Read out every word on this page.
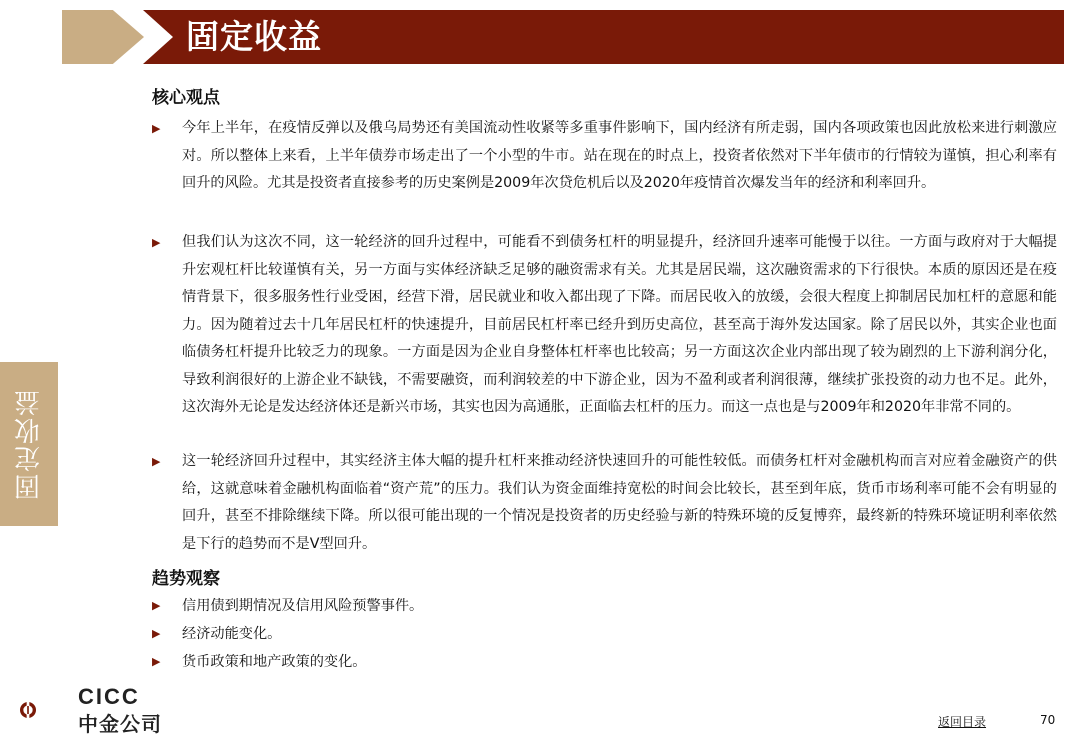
固定收益
固定收益
核心观点
▶	今年上半年，在疫情反弹以及俄乌局势还有美国流动性收紧等多重事件影响下，国内经济有所走弱，国内各项政策也因此放松来进行刺激应对。所以整体上来看，上半年债券市场走出了一个小型的牛市。站在现在的时点上，投资者依然对下半年债市的行情较为谨慎，担心利率有回升的风险。尤其是投资者直接参考的历史案例是2009年次贷危机后以及2020年疫情首次爆发当年的经济和利率回升。
▶	但我们认为这次不同，这一轮经济的回升过程中，可能看不到债务杠杆的明显提升，经济回升速率可能慢于以往。一方面与政府对于大幅提升宏观杠杆比较谨慎有关，另一方面与实体经济缺乏足够的融资需求有关。尤其是居民端，这次融资需求的下行很快。本质的原因还是在疫情背景下，很多服务性行业受困，经营下滑，居民就业和收入都出现了下降。而居民收入的放缓，会很大程度上抑制居民加杠杆的意愿和能力。因为随着过去十几年居民杠杆的快速提升，目前居民杠杆率已经升到历史高位，甚至高于海外发达国家。除了居民以外，其实企业也面临债务杠杆提升比较乏力的现象。一方面是因为企业自身整体杠杆率也比较高；另一方面这次企业内部出现了较为剧烈的上下游利润分化，导致利润很好的上游企业不缺钱，不需要融资，而利润较差的中下游企业，因为不盈利或者利润很薄，继续扩张投资的动力也不足。此外，这次海外无论是发达经济体还是新兴市场，其实也因为高通胀，正面临去杠杆的压力。而这一点也是与2009年和2020年非常不同的。
▶	这一轮经济回升过程中，其实经济主体大幅的提升杠杆来推动经济快速回升的可能性较低。而债务杠杆对金融机构而言对应着金融资产的供给，这就意味着金融机构面临着“资产荒”的压力。我们认为资金面维持宽松的时间会比较长，甚至到年底，货币市场利率可能不会有明显的回升，甚至不排除继续下降。所以很可能出现的一个情况是投资者的历史经验与新的特殊环境的反复博弈，最终新的特殊环境证明利率依然是下行的趋势而不是V型回升。
趋势观察
▶	信用债到期情况及信用风险预警事件。
▶	经济动能变化。
▶	货币政策和地产政策的变化。
CICC
中金公司	返回目录	70
